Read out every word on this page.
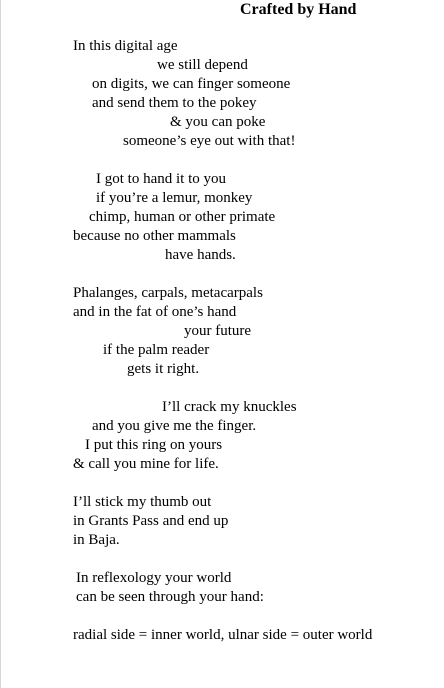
Crafted by Hand
In this digital age
we still depend
on digits, we can finger someone
and send them to the pokey
& you can poke
someone’s eye out with that!
I got to hand it to you
if you’re a lemur, monkey
chimp, human or other primate
because no other mammals
have hands.
Phalanges, carpals, metacarpals
and in the fat of one’s hand
your future
if the palm reader
gets it right.
I’ll crack my knuckles
and you give me the finger.
I put this ring on yours
& call you mine for life.
I’ll stick my thumb out
in Grants Pass and end up
in Baja.
In reflexology your world
can be seen through your hand:
radial side = inner world, ulnar side = outer world
